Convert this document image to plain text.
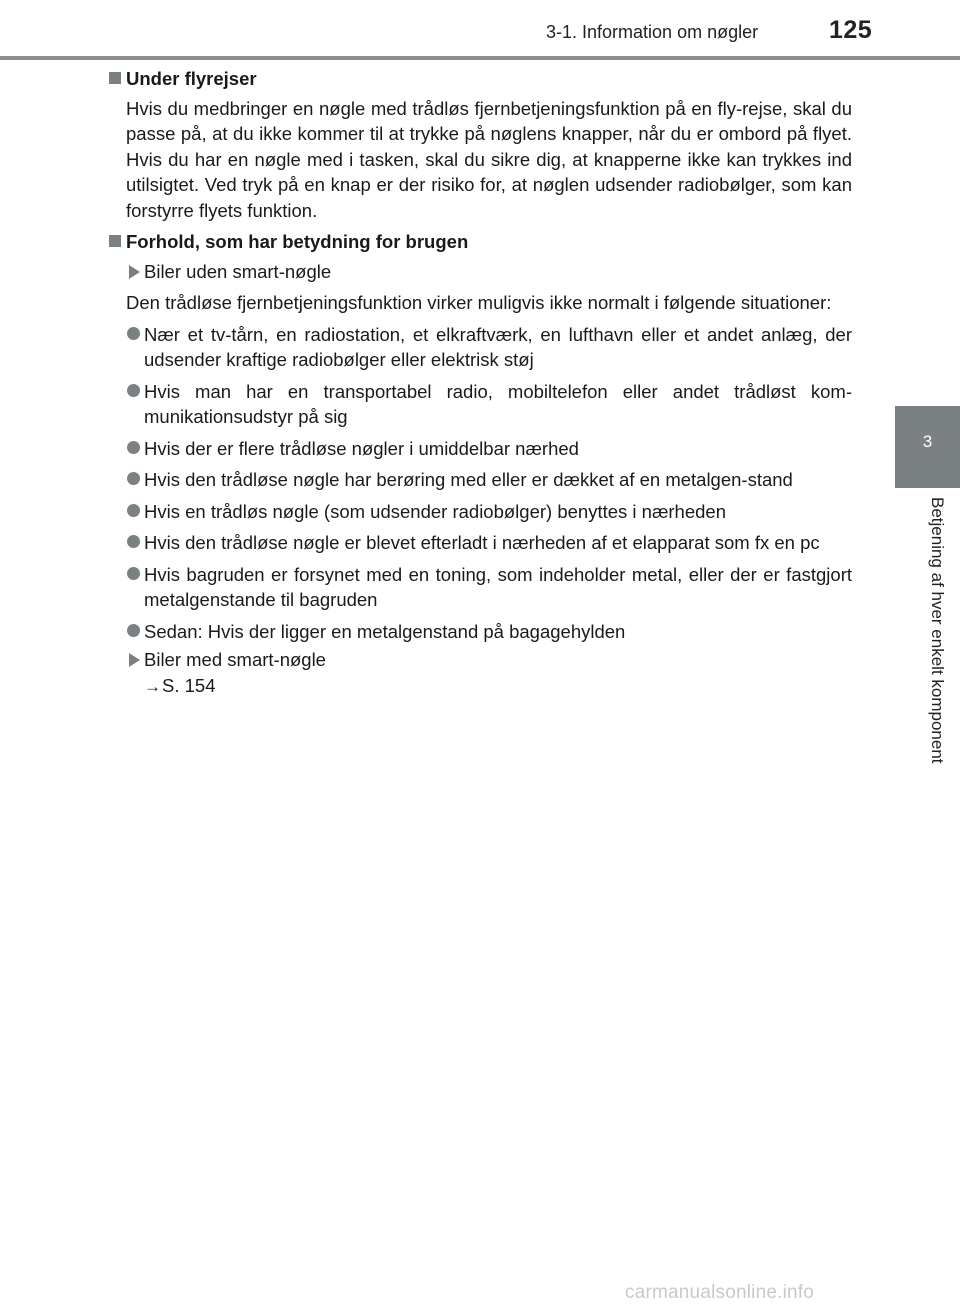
3-1. Information om nøgler	125
3
Betjening af hver enkelt komponent
Under flyrejser
Hvis du medbringer en nøgle med trådløs fjernbetjeningsfunktion på en fly-rejse, skal du passe på, at du ikke kommer til at trykke på nøglens knapper, når du er ombord på flyet. Hvis du har en nøgle med i tasken, skal du sikre dig, at knapperne ikke kan trykkes ind utilsigtet. Ved tryk på en knap er der risiko for, at nøglen udsender radiobølger, som kan forstyrre flyets funktion.
Forhold, som har betydning for brugen
Biler uden smart-nøgle
Den trådløse fjernbetjeningsfunktion virker muligvis ikke normalt i følgende situationer:
Nær et tv-tårn, en radiostation, et elkraftværk, en lufthavn eller et andet anlæg, der udsender kraftige radiobølger eller elektrisk støj
Hvis man har en transportabel radio, mobiltelefon eller andet trådløst kom-munikationsudstyr på sig
Hvis der er flere trådløse nøgler i umiddelbar nærhed
Hvis den trådløse nøgle har berøring med eller er dækket af en metalgen-stand
Hvis en trådløs nøgle (som udsender radiobølger) benyttes i nærheden
Hvis den trådløse nøgle er blevet efterladt i nærheden af et elapparat som fx en pc
Hvis bagruden er forsynet med en toning, som indeholder metal, eller der er fastgjort metalgenstande til bagruden
Sedan: Hvis der ligger en metalgenstand på bagagehylden
Biler med smart-nøgle
→S. 154
carmanualsonline.info
